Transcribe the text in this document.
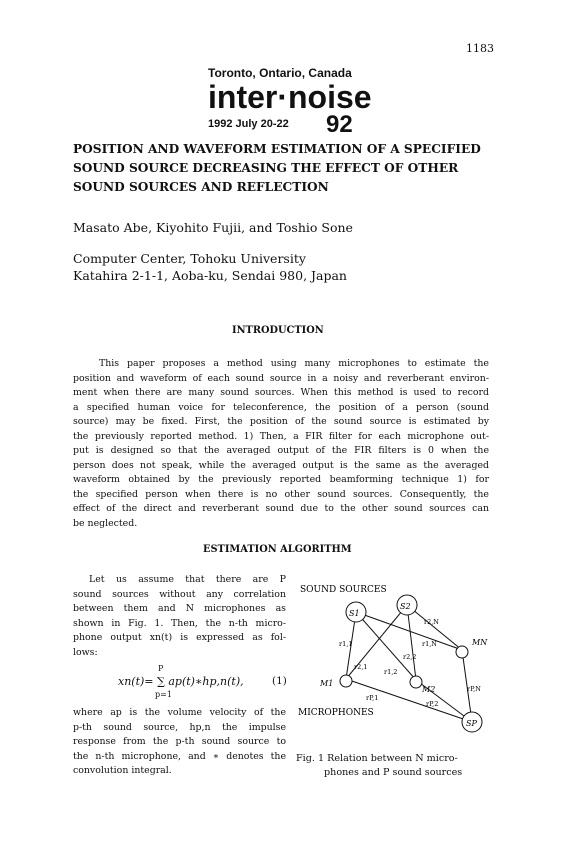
1183
Toronto, Ontario, Canada
inter·noise
1992 July 20-22 92
POSITION AND WAVEFORM ESTIMATION OF A SPECIFIED
SOUND SOURCE DECREASING THE EFFECT OF OTHER
SOUND SOURCES AND REFLECTION
Masato Abe, Kiyohito Fujii, and Toshio Sone
Computer Center, Tohoku University
Katahira 2-1-1, Aoba-ku, Sendai 980, Japan
INTRODUCTION
This paper proposes a method using many microphones to estimate the
position and waveform of each sound source in a noisy and reverberant environ-
ment when there are many sound sources. When this method is used to record
a specified human voice for teleconference, the position of a person (sound
source) may be fixed. First, the position of the sound source is estimated by
the previously reported method. 1) Then, a FIR filter for each microphone out-
put is designed so that the averaged output of the FIR filters is 0 when the
person does not speak, while the averaged output is the same as the averaged
waveform obtained by the previously reported beamforming technique 1) for
the specified person when there is no other sound sources. Consequently, the
effect of the direct and reverberant sound due to the other sound sources can
be neglected.
ESTIMATION ALGORITHM
Let us assume that there are P
sound sources without any correlation
between them and N microphones as
shown in Fig. 1. Then, the n-th micro-
phone output xn(t) is expressed as fol-
lows:
P
xn(t)= ∑ ap(t)∗hp,n(t),
p=1
(1)
where ap is the volume velocity of the
p-th sound source, hp,n the impulse
response from the p-th sound source to
the n-th microphone, and ∗ denotes the
convolution integral.
SOUND SOURCES
MICROPHONES
S1
S2
SP
M1
M2
MN
r1,1
r2,1
r1,2
r2,2
r2,N
r1,N
rP,1
rP,2
rP,N
Fig. 1 Relation between N micro-
phones and P sound sources
